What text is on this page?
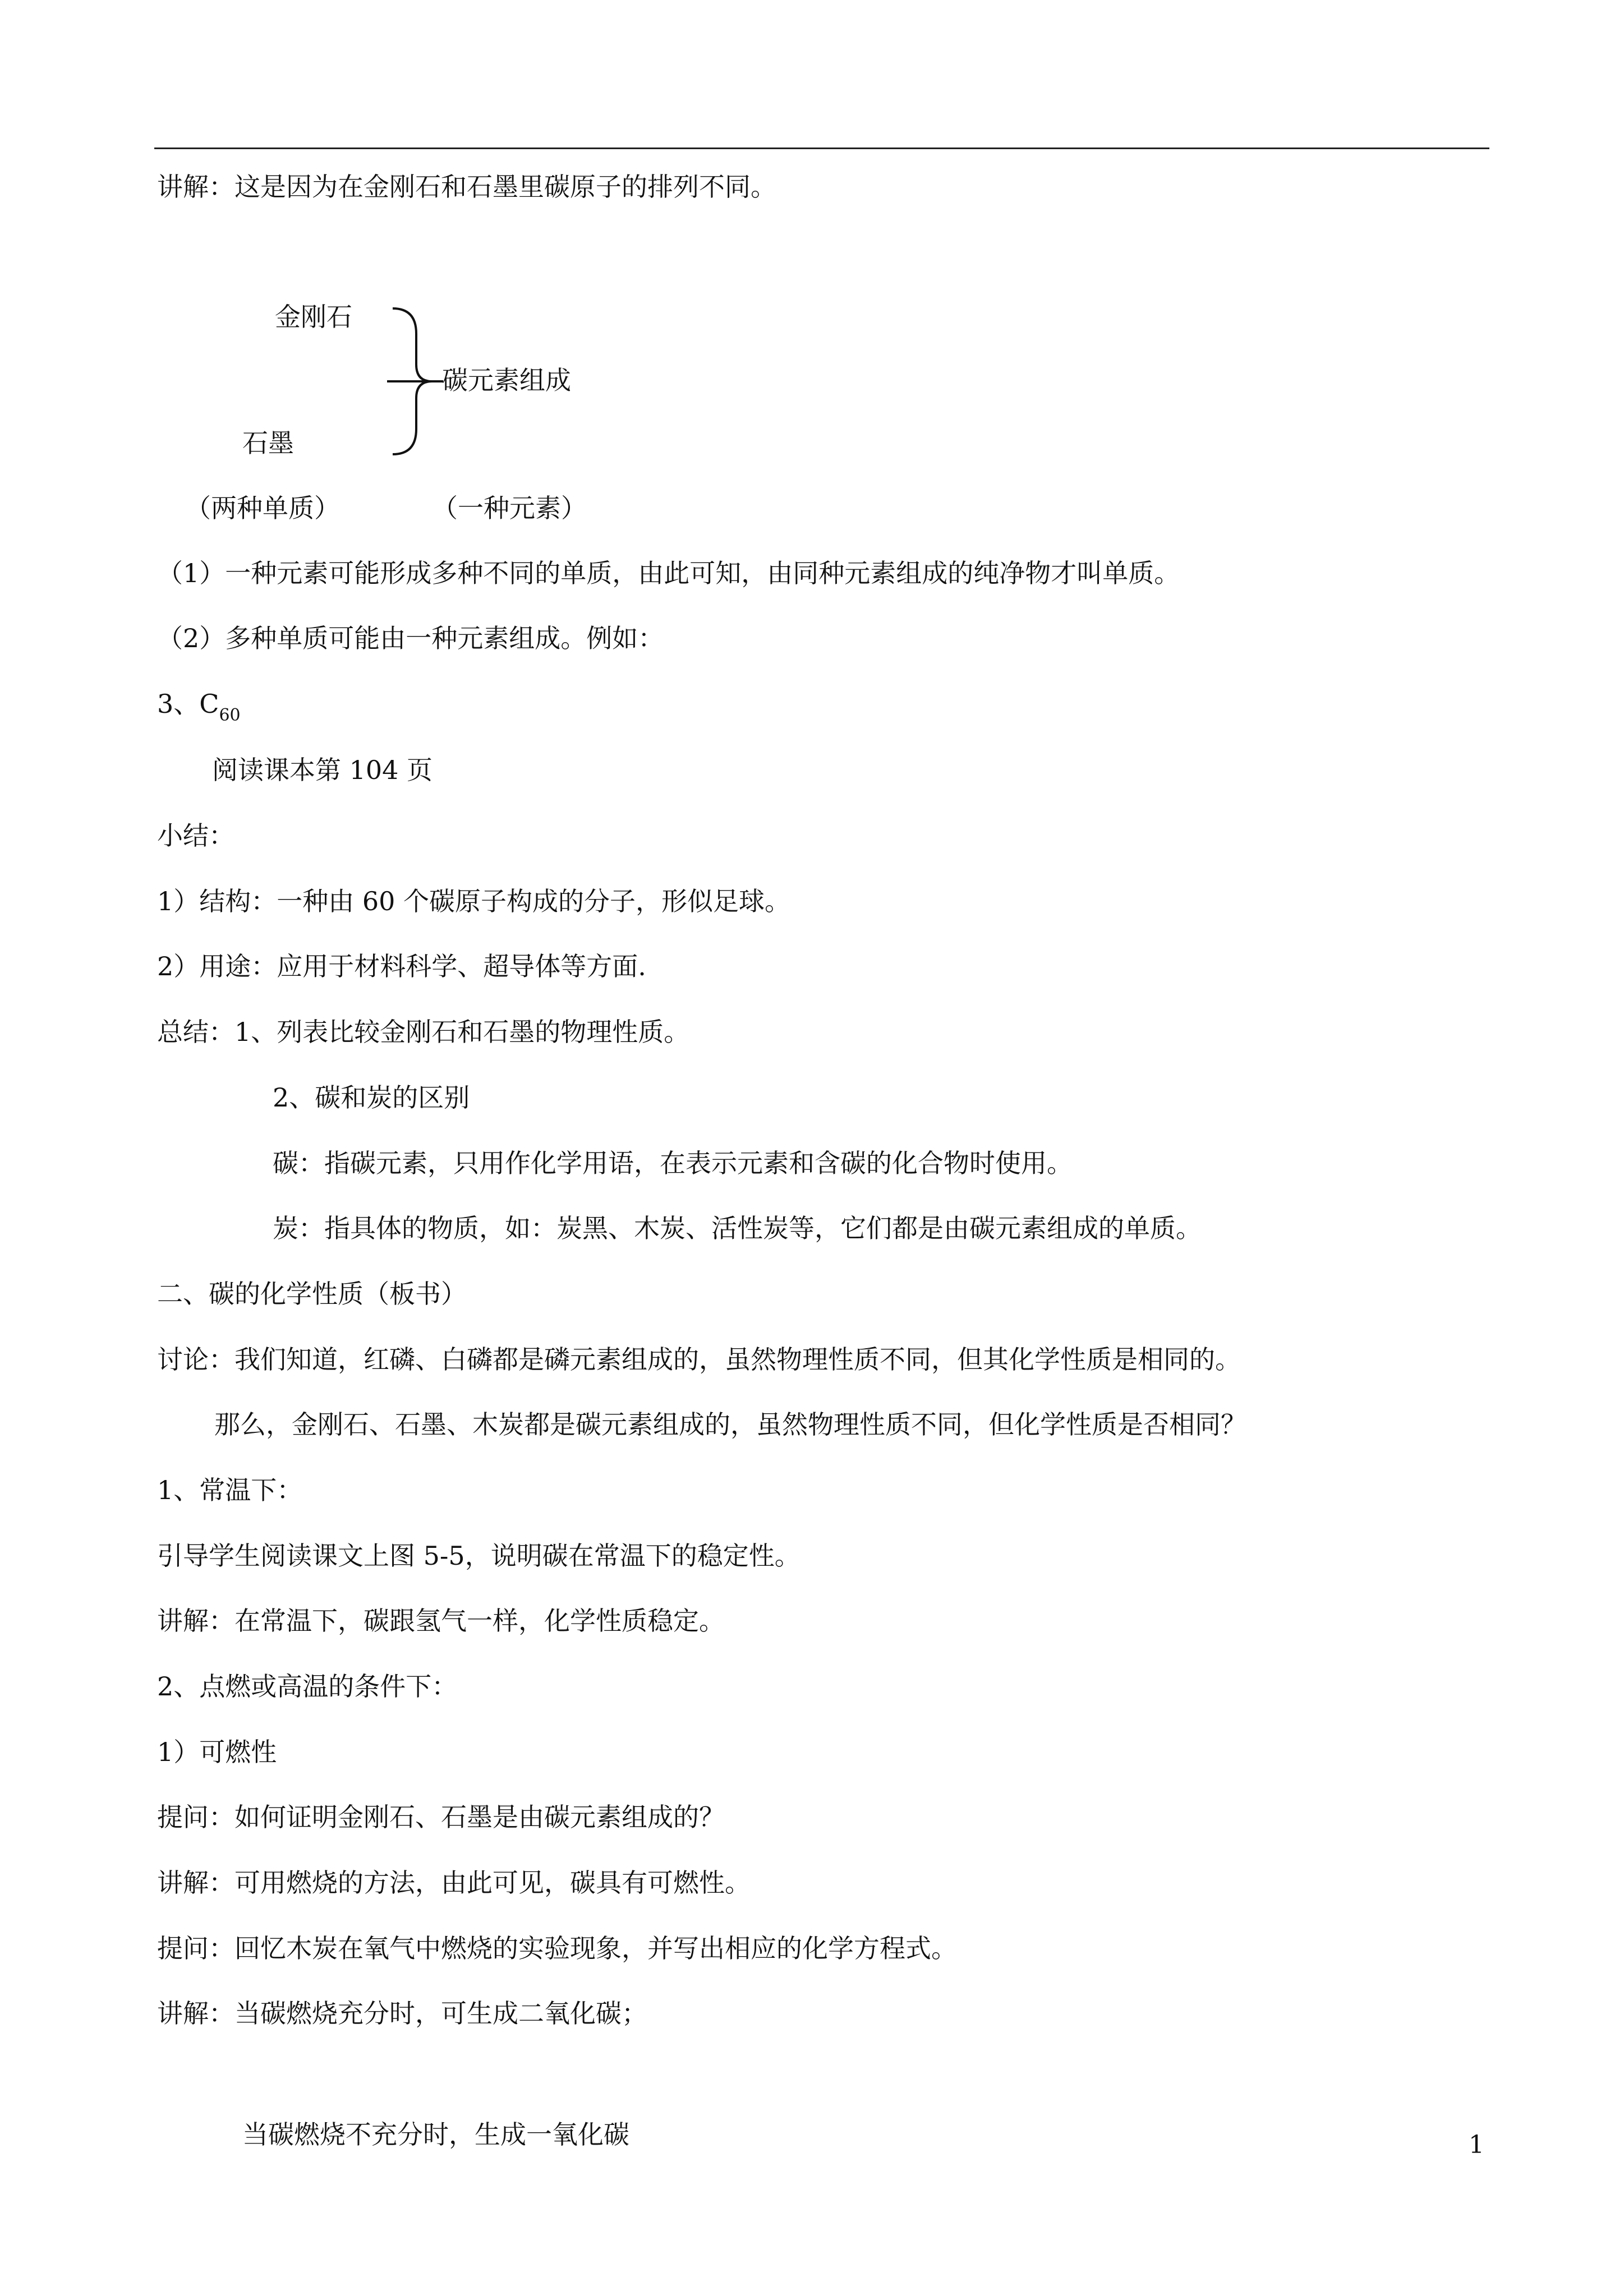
讲解：这是因为在金刚石和石墨里碳原子的排列不同。
金刚石
石墨
碳元素组成
（两种单质）	（一种元素）
（1）一种元素可能形成多种不同的单质，由此可知，由同种元素组成的纯净物才叫单质。
（2）多种单质可能由一种元素组成。例如：
3、$C_{60}$
阅读课本第 104 页
小结：
1）结构：一种由 60 个碳原子构成的分子，形似足球。
2）用途：应用于材料科学、超导体等方面.
总结：1、列表比较金刚石和石墨的物理性质。
2、碳和炭的区别
碳：指碳元素，只用作化学用语，在表示元素和含碳的化合物时使用。
炭：指具体的物质，如：炭黑、木炭、活性炭等，它们都是由碳元素组成的单质。
二、碳的化学性质（板书）
讨论：我们知道，红磷、白磷都是磷元素组成的，虽然物理性质不同，但其化学性质是相同的。
那么，金刚石、石墨、木炭都是碳元素组成的，虽然物理性质不同，但化学性质是否相同？
1、常温下：
引导学生阅读课文上图 5-5，说明碳在常温下的稳定性。
讲解：在常温下，碳跟氢气一样，化学性质稳定。
2、点燃或高温的条件下：
1）可燃性
提问：如何证明金刚石、石墨是由碳元素组成的？
讲解：可用燃烧的方法，由此可见，碳具有可燃性。
提问：回忆木炭在氧气中燃烧的实验现象，并写出相应的化学方程式。
讲解：当碳燃烧充分时，可生成二氧化碳；
当碳燃烧不充分时，生成一氧化碳	1
